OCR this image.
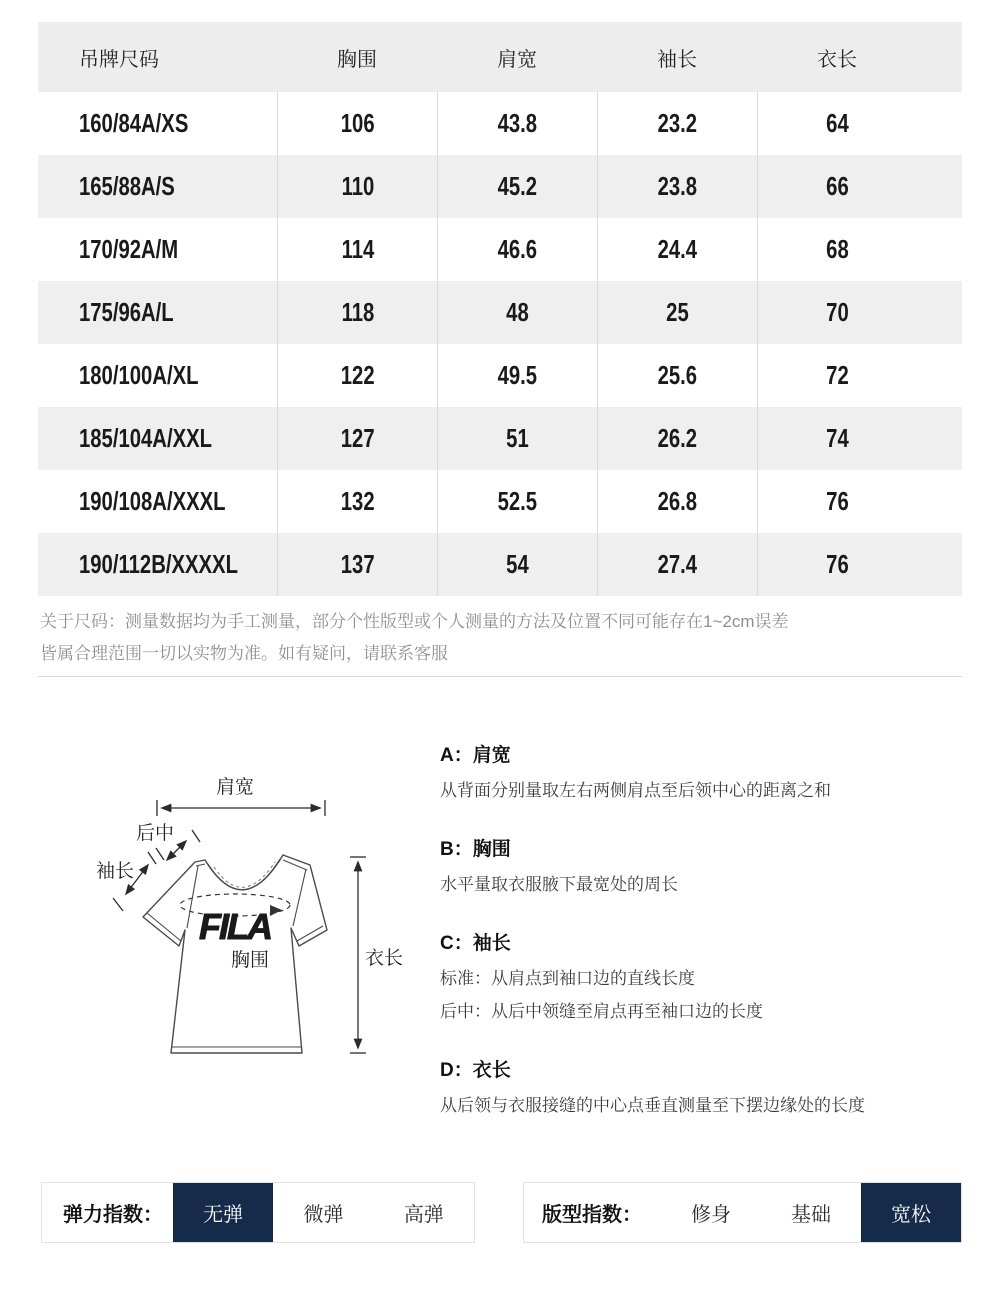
吊牌尺码	胸围	肩宽	袖长	衣长
160/84A/XS	106	43.8	23.2	64
165/88A/S	110	45.2	23.8	66
170/92A/M	114	46.6	24.4	68
175/96A/L	118	48	25	70
180/100A/XL	122	49.5	25.6	72
185/104A/XXL	127	51	26.2	74
190/108A/XXXL	132	52.5	26.8	76
190/112B/XXXXL	137	54	27.4	76
关于尺码：测量数据均为手工测量，部分个性版型或个人测量的方法及位置不同可能存在1~2cm误差
皆属合理范围一切以实物为准。如有疑问，请联系客服
FILA
胸围
肩宽
后中
袖长
衣长
A：肩宽
从背面分别量取左右两侧肩点至后领中心的距离之和
B：胸围
水平量取衣服腋下最宽处的周长
C：袖长
标准：从肩点到袖口边的直线长度
后中：从后中领缝至肩点再至袖口边的长度
D：衣长
从后领与衣服接缝的中心点垂直测量至下摆边缘处的长度
弹力指数：	无弹	微弹	高弹	版型指数：	修身	基础	宽松
